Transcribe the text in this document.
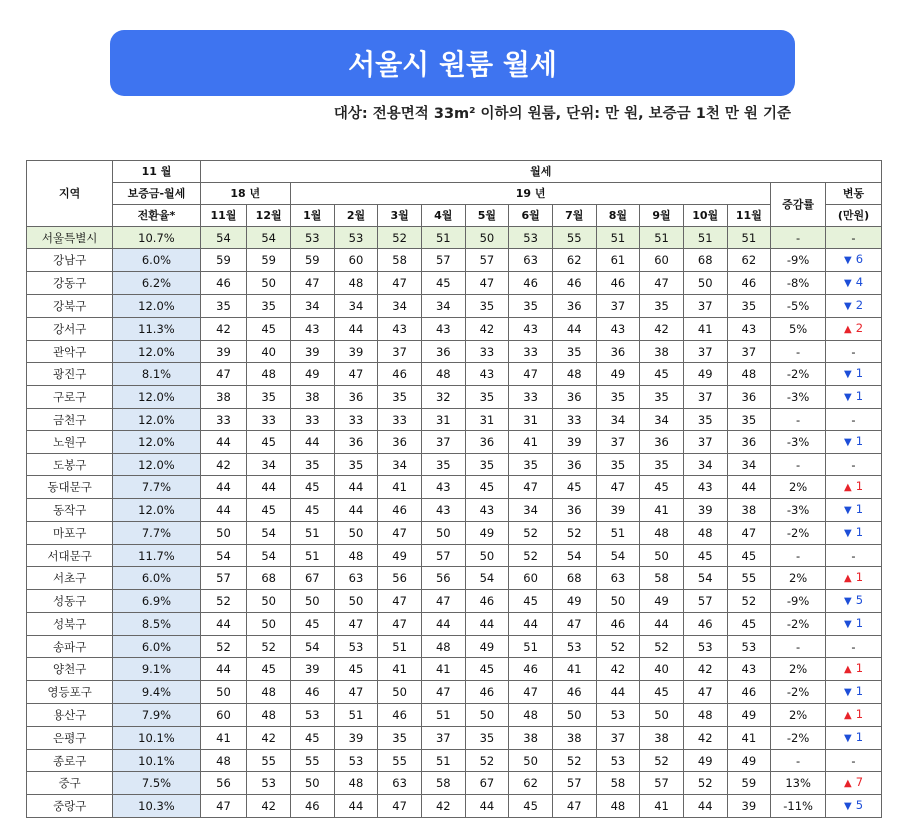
서울시 원룸 월세
대상: 전용면적 33m² 이하의 원룸, 단위: 만 원, 보증금 1천 만 원 기준
지역	11 월	월세														
	보증금-월세	18 년		19 년											증감률	변동
	전환율*	11월	12월	1월	2월	3월	4월	5월	6월	7월	8월	9월	10월	11월		(만원)
서울특별시	10.7%	54	54	53	53	52	51	50	53	55	51	51	51	51	-	-
강남구	6.0%	59	59	59	60	58	57	57	63	62	61	60	68	62	-9%	▼ 6
강동구	6.2%	46	50	47	48	47	45	47	46	46	46	47	50	46	-8%	▼ 4
강북구	12.0%	35	35	34	34	34	34	35	35	36	37	35	37	35	-5%	▼ 2
강서구	11.3%	42	45	43	44	43	43	42	43	44	43	42	41	43	5%	▲ 2
관악구	12.0%	39	40	39	39	37	36	33	33	35	36	38	37	37	-	-
광진구	8.1%	47	48	49	47	46	48	43	47	48	49	45	49	48	-2%	▼ 1
구로구	12.0%	38	35	38	36	35	32	35	33	36	35	35	37	36	-3%	▼ 1
금천구	12.0%	33	33	33	33	33	31	31	31	33	34	34	35	35	-	-
노원구	12.0%	44	45	44	36	36	37	36	41	39	37	36	37	36	-3%	▼ 1
도봉구	12.0%	42	34	35	35	34	35	35	35	36	35	35	34	34	-	-
동대문구	7.7%	44	44	45	44	41	43	45	47	45	47	45	43	44	2%	▲ 1
동작구	12.0%	44	45	45	44	46	43	43	34	36	39	41	39	38	-3%	▼ 1
마포구	7.7%	50	54	51	50	47	50	49	52	52	51	48	48	47	-2%	▼ 1
서대문구	11.7%	54	54	51	48	49	57	50	52	54	54	50	45	45	-	-
서초구	6.0%	57	68	67	63	56	56	54	60	68	63	58	54	55	2%	▲ 1
성동구	6.9%	52	50	50	50	47	47	46	45	49	50	49	57	52	-9%	▼ 5
성북구	8.5%	44	50	45	47	47	44	44	44	47	46	44	46	45	-2%	▼ 1
송파구	6.0%	52	52	54	53	51	48	49	51	53	52	52	53	53	-	-
양천구	9.1%	44	45	39	45	41	41	45	46	41	42	40	42	43	2%	▲ 1
영등포구	9.4%	50	48	46	47	50	47	46	47	46	44	45	47	46	-2%	▼ 1
용산구	7.9%	60	48	53	51	46	51	50	48	50	53	50	48	49	2%	▲ 1
은평구	10.1%	41	42	45	39	35	37	35	38	38	37	38	42	41	-2%	▼ 1
종로구	10.1%	48	55	55	53	55	51	52	50	52	53	52	49	49	-	-
중구	7.5%	56	53	50	48	63	58	67	62	57	58	57	52	59	13%	▲ 7
중랑구	10.3%	47	42	46	44	47	42	44	45	47	48	41	44	39	-11%	▼ 5
